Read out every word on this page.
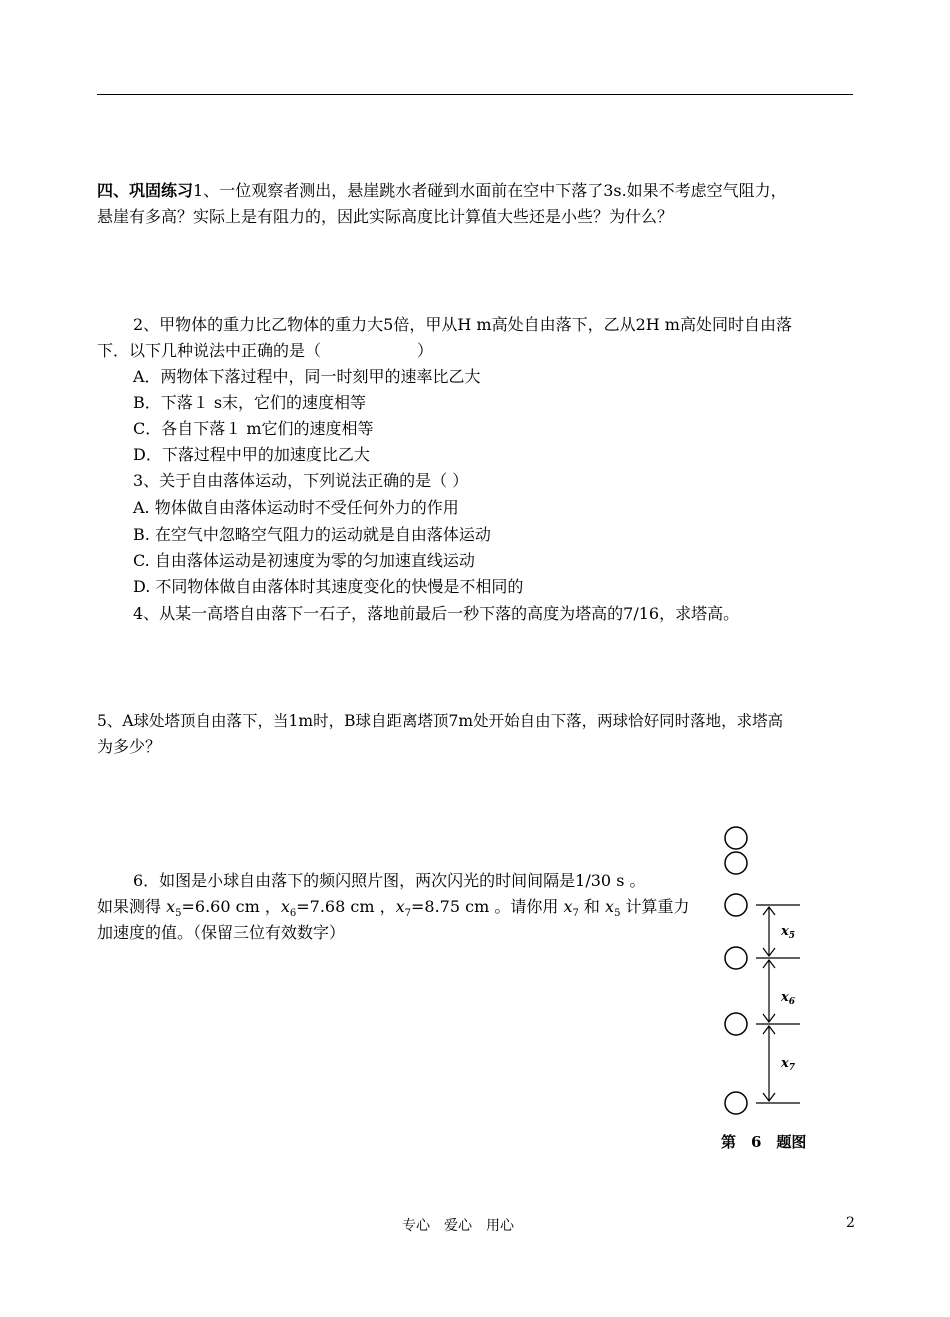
四、巩固练习1、一位观察者测出，悬崖跳水者碰到水面前在空中下落了3s.如果不考虑空气阻力，
悬崖有多高？实际上是有阻力的，因此实际高度比计算值大些还是小些？为什么？
2、甲物体的重力比乙物体的重力大5倍，甲从H m高处自由落下，乙从2H m高处同时自由落
下．以下几种说法中正确的是（　　　　　　）
A．两物体下落过程中，同一时刻甲的速率比乙大
B．下落１ s末，它们的速度相等
C．各自下落１ m它们的速度相等
D．下落过程中甲的加速度比乙大
3、关于自由落体运动，下列说法正确的是（ ）
A. 物体做自由落体运动时不受任何外力的作用
B. 在空气中忽略空气阻力的运动就是自由落体运动
C. 自由落体运动是初速度为零的匀加速直线运动
D. 不同物体做自由落体时其速度变化的快慢是不相同的
4、从某一高塔自由落下一石子，落地前最后一秒下落的高度为塔高的7/16，求塔高。
5、A球处塔顶自由落下，当1m时，B球自距离塔顶7m处开始自由下落，两球恰好同时落地，求塔高
为多少？
6．如图是小球自由落下的频闪照片图，两次闪光的时间间隔是1/30 s 。
如果测得 $x_5=6.60$ cm ，$x_6=7.68$ cm ，$x_7=8.75$ cm 。请你用 $x_7$ 和 $x_5$ 计算重力
加速度的值。（保留三位有效数字）	$x_5$
$x_6$
$x_7$
第　6　题图
专心　爱心　用心	2
